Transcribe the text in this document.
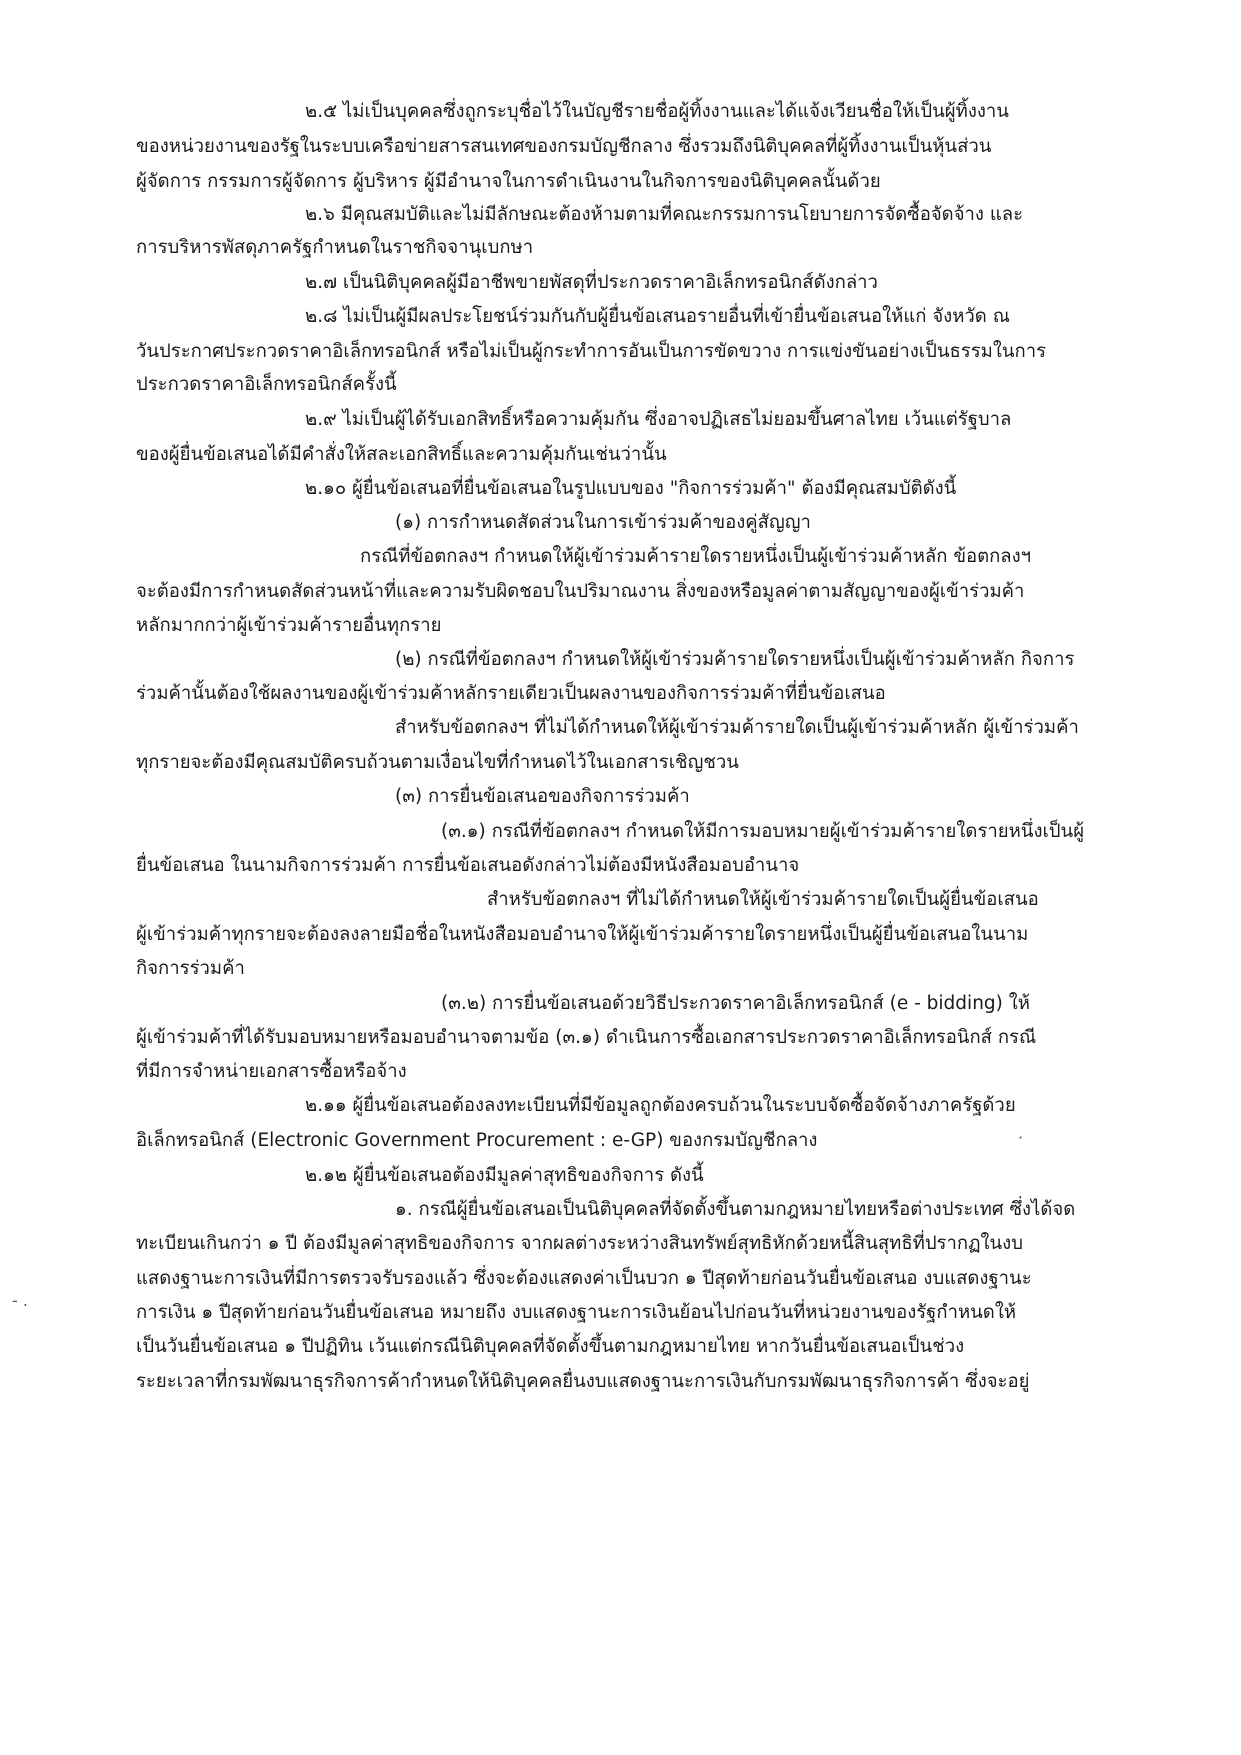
๒.๕ ไม่เป็นบุคคลซึ่งถูกระบุชื่อไว้ในบัญชีรายชื่อผู้ทิ้งงานและได้แจ้งเวียนชื่อให้เป็นผู้ทิ้งงาน
ของหน่วยงานของรัฐในระบบเครือข่ายสารสนเทศของกรมบัญชีกลาง ซึ่งรวมถึงนิติบุคคลที่ผู้ทิ้งงานเป็นหุ้นส่วน
ผู้จัดการ กรรมการผู้จัดการ ผู้บริหาร ผู้มีอำนาจในการดำเนินงานในกิจการของนิติบุคคลนั้นด้วย
๒.๖ มีคุณสมบัติและไม่มีลักษณะต้องห้ามตามที่คณะกรรมการนโยบายการจัดซื้อจัดจ้าง และ
การบริหารพัสดุภาครัฐกำหนดในราชกิจจานุเบกษา
๒.๗ เป็นนิติบุคคลผู้มีอาชีพขายพัสดุที่ประกวดราคาอิเล็กทรอนิกส์ดังกล่าว
๒.๘ ไม่เป็นผู้มีผลประโยชน์ร่วมกันกับผู้ยื่นข้อเสนอรายอื่นที่เข้ายื่นข้อเสนอให้แก่ จังหวัด ณ
วันประกาศประกวดราคาอิเล็กทรอนิกส์ หรือไม่เป็นผู้กระทำการอันเป็นการขัดขวาง การแข่งขันอย่างเป็นธรรมในการ
ประกวดราคาอิเล็กทรอนิกส์ครั้งนี้
๒.๙ ไม่เป็นผู้ได้รับเอกสิทธิ์หรือความคุ้มกัน ซึ่งอาจปฏิเสธไม่ยอมขึ้นศาลไทย เว้นแต่รัฐบาล
ของผู้ยื่นข้อเสนอได้มีคำสั่งให้สละเอกสิทธิ์และความคุ้มกันเช่นว่านั้น
๒.๑๐ ผู้ยื่นข้อเสนอที่ยื่นข้อเสนอในรูปแบบของ "กิจการร่วมค้า" ต้องมีคุณสมบัติดังนี้
(๑) การกำหนดสัดส่วนในการเข้าร่วมค้าของคู่สัญญา
กรณีที่ข้อตกลงฯ กำหนดให้ผู้เข้าร่วมค้ารายใดรายหนึ่งเป็นผู้เข้าร่วมค้าหลัก ข้อตกลงฯ
จะต้องมีการกำหนดสัดส่วนหน้าที่และความรับผิดชอบในปริมาณงาน สิ่งของหรือมูลค่าตามสัญญาของผู้เข้าร่วมค้า
หลักมากกว่าผู้เข้าร่วมค้ารายอื่นทุกราย
(๒) กรณีที่ข้อตกลงฯ กำหนดให้ผู้เข้าร่วมค้ารายใดรายหนึ่งเป็นผู้เข้าร่วมค้าหลัก กิจการ
ร่วมค้านั้นต้องใช้ผลงานของผู้เข้าร่วมค้าหลักรายเดียวเป็นผลงานของกิจการร่วมค้าที่ยื่นข้อเสนอ
สำหรับข้อตกลงฯ ที่ไม่ได้กำหนดให้ผู้เข้าร่วมค้ารายใดเป็นผู้เข้าร่วมค้าหลัก ผู้เข้าร่วมค้า
ทุกรายจะต้องมีคุณสมบัติครบถ้วนตามเงื่อนไขที่กำหนดไว้ในเอกสารเชิญชวน
(๓) การยื่นข้อเสนอของกิจการร่วมค้า
(๓.๑) กรณีที่ข้อตกลงฯ กำหนดให้มีการมอบหมายผู้เข้าร่วมค้ารายใดรายหนึ่งเป็นผู้
ยื่นข้อเสนอ ในนามกิจการร่วมค้า การยื่นข้อเสนอดังกล่าวไม่ต้องมีหนังสือมอบอำนาจ
สำหรับข้อตกลงฯ ที่ไม่ได้กำหนดให้ผู้เข้าร่วมค้ารายใดเป็นผู้ยื่นข้อเสนอ
ผู้เข้าร่วมค้าทุกรายจะต้องลงลายมือชื่อในหนังสือมอบอำนาจให้ผู้เข้าร่วมค้ารายใดรายหนึ่งเป็นผู้ยื่นข้อเสนอในนาม
กิจการร่วมค้า
(๓.๒) การยื่นข้อเสนอด้วยวิธีประกวดราคาอิเล็กทรอนิกส์ (e - bidding) ให้
ผู้เข้าร่วมค้าที่ได้รับมอบหมายหรือมอบอำนาจตามข้อ (๓.๑) ดำเนินการซื้อเอกสารประกวดราคาอิเล็กทรอนิกส์ กรณี
ที่มีการจำหน่ายเอกสารซื้อหรือจ้าง
๒.๑๑ ผู้ยื่นข้อเสนอต้องลงทะเบียนที่มีข้อมูลถูกต้องครบถ้วนในระบบจัดซื้อจัดจ้างภาครัฐด้วย
อิเล็กทรอนิกส์ (Electronic Government Procurement : e-GP) ของกรมบัญชีกลาง
๒.๑๒ ผู้ยื่นข้อเสนอต้องมีมูลค่าสุทธิของกิจการ ดังนี้
๑. กรณีผู้ยื่นข้อเสนอเป็นนิติบุคคลที่จัดตั้งขึ้นตามกฎหมายไทยหรือต่างประเทศ ซึ่งได้จด
ทะเบียนเกินกว่า ๑ ปี ต้องมีมูลค่าสุทธิของกิจการ จากผลต่างระหว่างสินทรัพย์สุทธิหักด้วยหนี้สินสุทธิที่ปรากฏในงบ
แสดงฐานะการเงินที่มีการตรวจรับรองแล้ว ซึ่งจะต้องแสดงค่าเป็นบวก ๑ ปีสุดท้ายก่อนวันยื่นข้อเสนอ งบแสดงฐานะ
การเงิน ๑ ปีสุดท้ายก่อนวันยื่นข้อเสนอ หมายถึง งบแสดงฐานะการเงินย้อนไปก่อนวันที่หน่วยงานของรัฐกำหนดให้
เป็นวันยื่นข้อเสนอ ๑ ปีปฏิทิน เว้นแต่กรณีนิติบุคคลที่จัดตั้งขึ้นตามกฎหมายไทย หากวันยื่นข้อเสนอเป็นช่วง
ระยะเวลาที่กรมพัฒนาธุรกิจการค้ากำหนดให้นิติบุคคลยื่นงบแสดงฐานะการเงินกับกรมพัฒนาธุรกิจการค้า ซึ่งจะอยู่
- .
·
